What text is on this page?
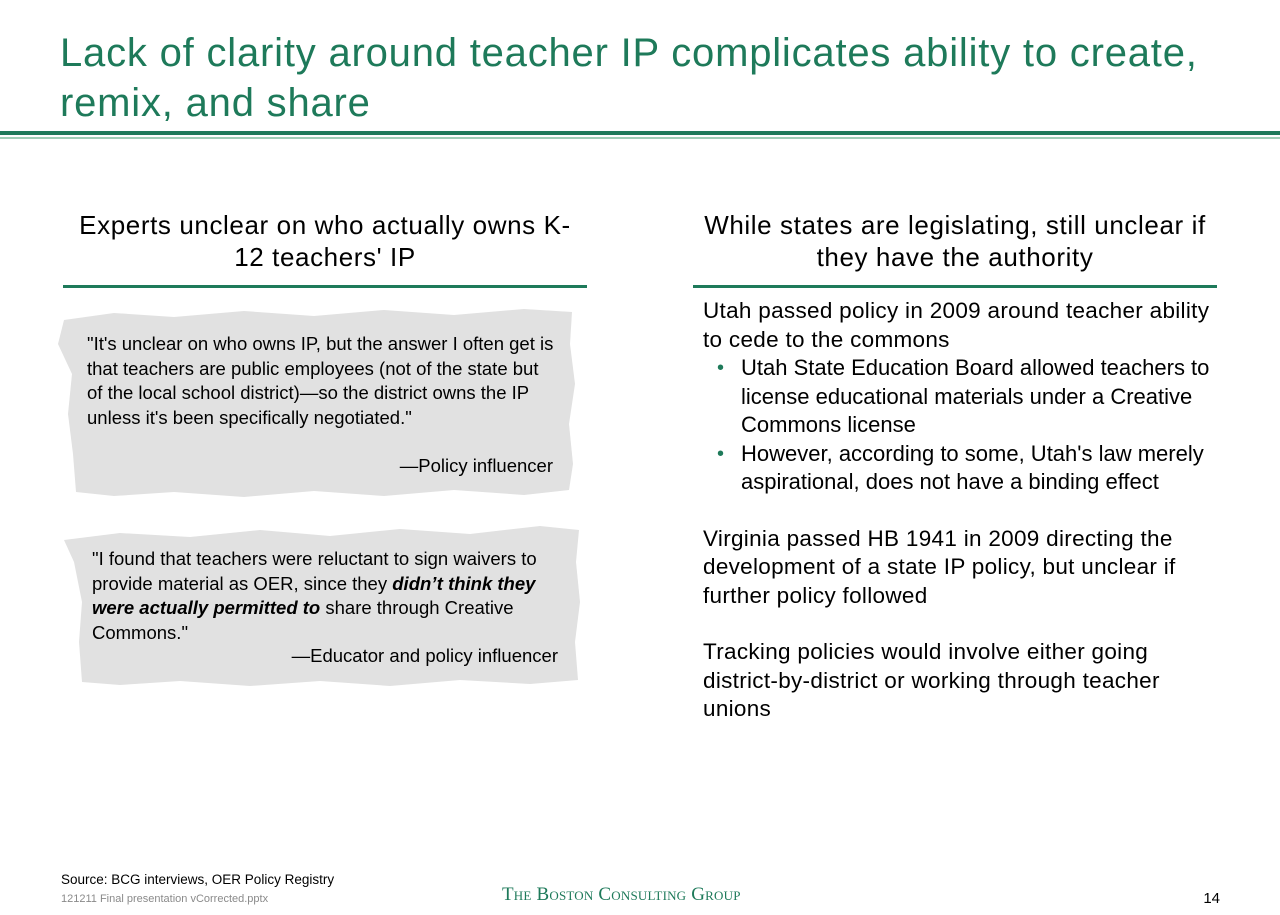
Lack of clarity around teacher IP complicates ability to create, remix, and share
Experts unclear on who actually owns K-12 teachers' IP
"It's unclear on who owns IP, but the answer I often get is that teachers are public employees (not of the state but of the local school district)—so the district owns the IP unless it's been specifically negotiated."
—Policy influencer
"I found that teachers were reluctant to sign waivers to provide material as OER, since they didn’t think they were actually permitted to share through Creative Commons."
—Educator and policy influencer
While states are legislating, still unclear if they have the authority

Utah passed policy in 2009 around teacher ability to cede to the commons

• Utah State Education Board allowed teachers to license educational materials under a Creative Commons license
• However, according to some, Utah's law merely aspirational, does not have a binding effect

Virginia passed HB 1941 in 2009 directing the development of a state IP policy, but unclear if further policy followed

Tracking policies would involve either going district-by-district or working through teacher unions

Source: BCG interviews, OER Policy Registry
121211 Final presentation vCorrected.pptx	The Boston Consulting Group	14
